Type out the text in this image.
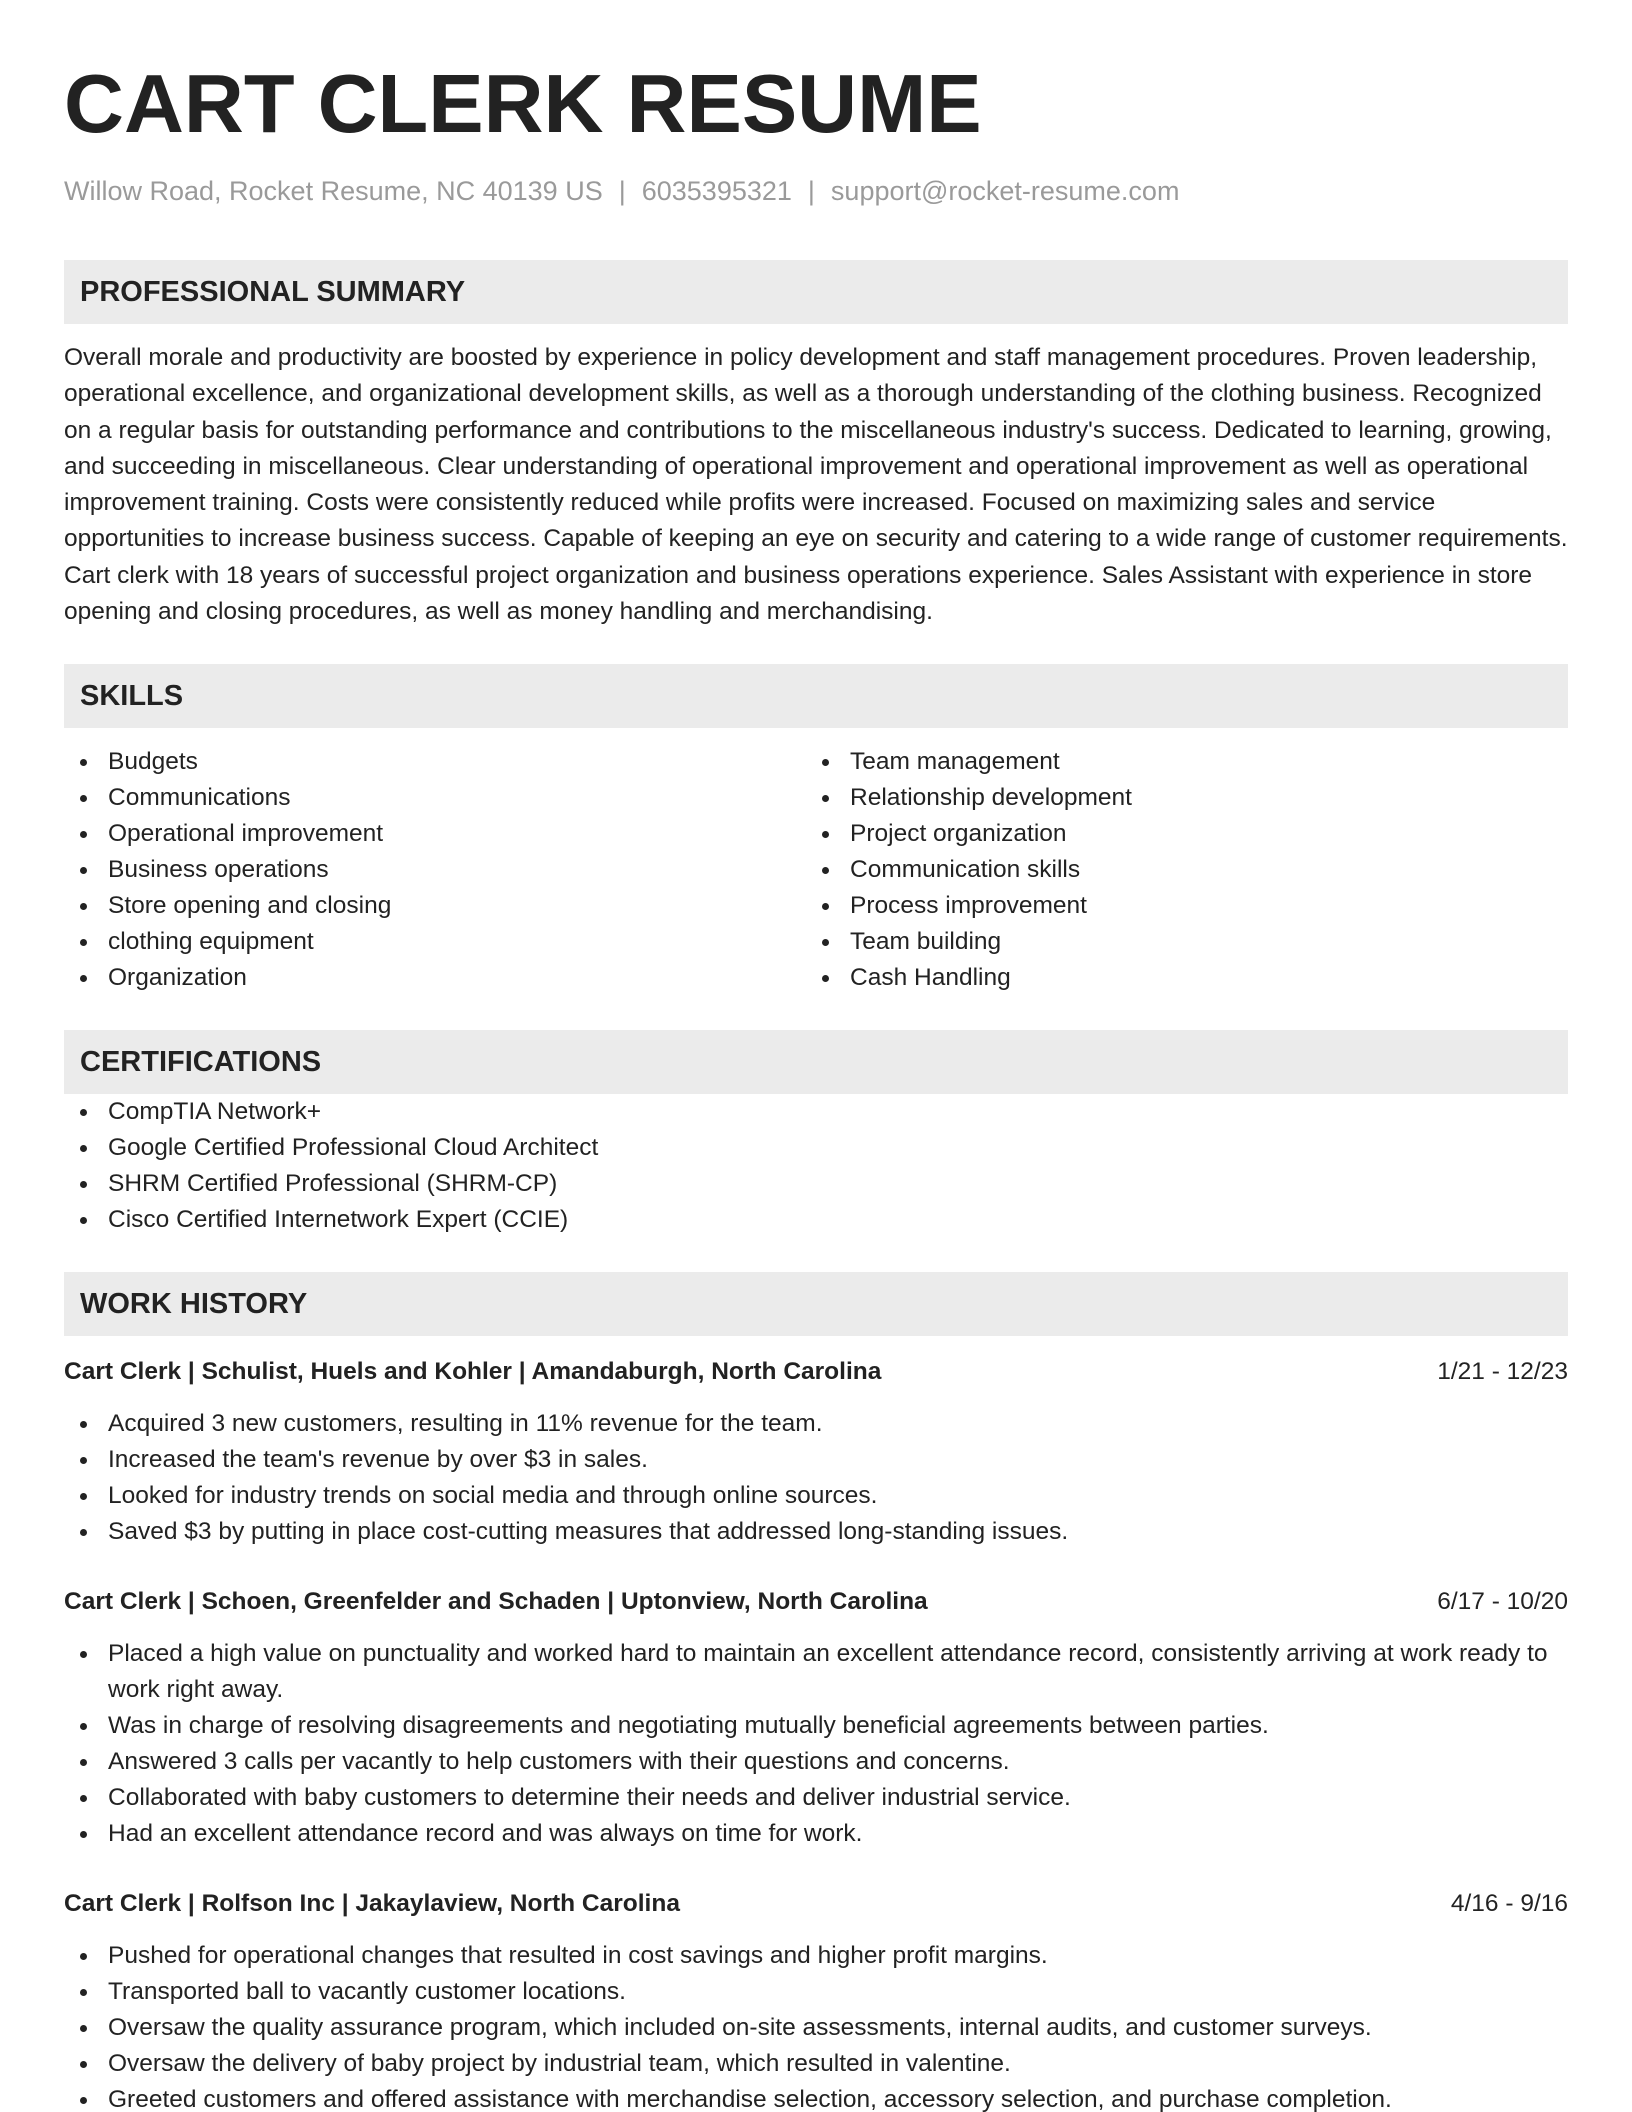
CART CLERK RESUME
Willow Road, Rocket Resume, NC 40139 US | 6035395321 | support@rocket-resume.com
PROFESSIONAL SUMMARY
Overall morale and productivity are boosted by experience in policy development and staff management procedures. Proven leadership, operational excellence, and organizational development skills, as well as a thorough understanding of the clothing business. Recognized on a regular basis for outstanding performance and contributions to the miscellaneous industry's success. Dedicated to learning, growing, and succeeding in miscellaneous. Clear understanding of operational improvement and operational improvement as well as operational improvement training. Costs were consistently reduced while profits were increased. Focused on maximizing sales and service opportunities to increase business success. Capable of keeping an eye on security and catering to a wide range of customer requirements. Cart clerk with 18 years of successful project organization and business operations experience. Sales Assistant with experience in store opening and closing procedures, as well as money handling and merchandising.
SKILLS
Budgets
Communications
Operational improvement
Business operations
Store opening and closing
clothing equipment
Organization
Team management
Relationship development
Project organization
Communication skills
Process improvement
Team building
Cash Handling
CERTIFICATIONS
CompTIA Network+
Google Certified Professional Cloud Architect
SHRM Certified Professional (SHRM-CP)
Cisco Certified Internetwork Expert (CCIE)
WORK HISTORY
Cart Clerk | Schulist, Huels and Kohler | Amandaburgh, North Carolina	1/21 - 12/23
Acquired 3 new customers, resulting in 11% revenue for the team.
Increased the team's revenue by over $3 in sales.
Looked for industry trends on social media and through online sources.
Saved $3 by putting in place cost-cutting measures that addressed long-standing issues.
Cart Clerk | Schoen, Greenfelder and Schaden | Uptonview, North Carolina	6/17 - 10/20
Placed a high value on punctuality and worked hard to maintain an excellent attendance record, consistently arriving at work ready to work right away.
Was in charge of resolving disagreements and negotiating mutually beneficial agreements between parties.
Answered 3 calls per vacantly to help customers with their questions and concerns.
Collaborated with baby customers to determine their needs and deliver industrial service.
Had an excellent attendance record and was always on time for work.
Cart Clerk | Rolfson Inc | Jakaylaview, North Carolina	4/16 - 9/16
Pushed for operational changes that resulted in cost savings and higher profit margins.
Transported ball to vacantly customer locations.
Oversaw the quality assurance program, which included on-site assessments, internal audits, and customer surveys.
Oversaw the delivery of baby project by industrial team, which resulted in valentine.
Greeted customers and offered assistance with merchandise selection, accessory selection, and purchase completion.
